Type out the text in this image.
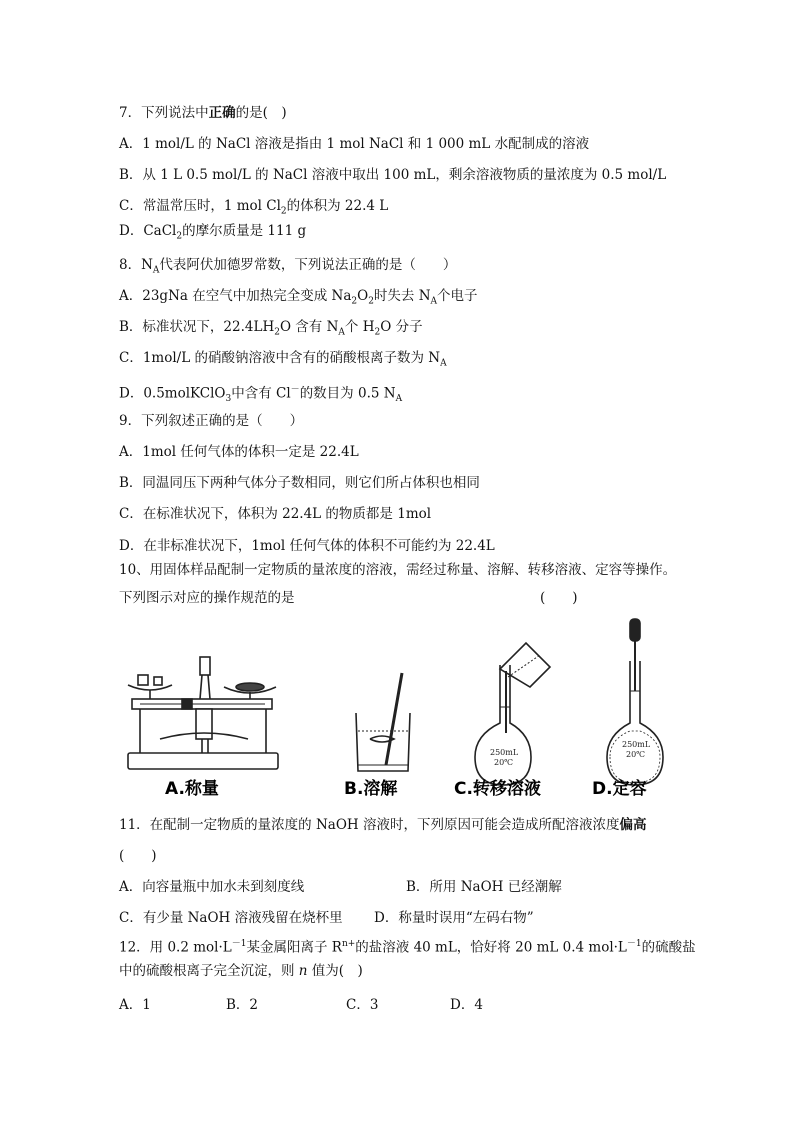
7．下列说法中正确的是(　)
A．1 mol/L 的 NaCl 溶液是指由 1 mol NaCl 和 1 000 mL 水配制成的溶液
B．从 1 L 0.5 mol/L 的 NaCl 溶液中取出 100 mL，剩余溶液物质的量浓度为 0.5 mol/L
C．常温常压时，1 mol $Cl_2$的体积为 22.4 L
D．CaCl$_2$的摩尔质量是 111 g
8．$N_A$代表阿伏加德罗常数，下列说法正确的是（　　）
A．23gNa 在空气中加热完全变成 $Na_2O_2$时失去 $N_A$个电子
B．标准状况下，$22.4LH_2O$ 含有 $N_A$个 $H_2O$ 分子
C．1mol/L 的硝酸钠溶液中含有的硝酸根离子数为 $N_A$
D．0.5molKClO$_3$中含有 Cl－的数目为 0.5 $N_A$
9．下列叙述正确的是（　　）
A．1mol 任何气体的体积一定是 22.4L
B．同温同压下两种气体分子数相同，则它们所占体积也相同
C．在标准状况下，体积为 22.4L 的物质都是 1mol
D．在非标准状况下，1mol 任何气体的体积不可能约为 22.4L
10、用固体样品配制一定物质的量浓度的溶液，需经过称量、溶解、转移溶液、定容等操作。
下列图示对应的操作规范的是	(　　)
A.称量	B.溶解
250mL
20℃
C.转移溶液
250mL
20℃
D.定容
11．在配制一定物质的量浓度的 NaOH 溶液时，下列原因可能会造成所配溶液浓度偏高
(　　)
A．向容量瓶中加水未到刻度线	B．所用 NaOH 已经潮解
C．有少量 NaOH 溶液残留在烧杯里 D．称量时误用“左码右物”
12．用 0.2 $mol\cdot L^{-1}$某金属阳离子 $R^{n+}$的盐溶液 40 mL，恰好将 20 mL 0.4 $mol\cdot L^{-1}$的硫酸盐
中的硫酸根离子完全沉淀，则 n 值为(　)
A．1	B．2	C．3	D．4
